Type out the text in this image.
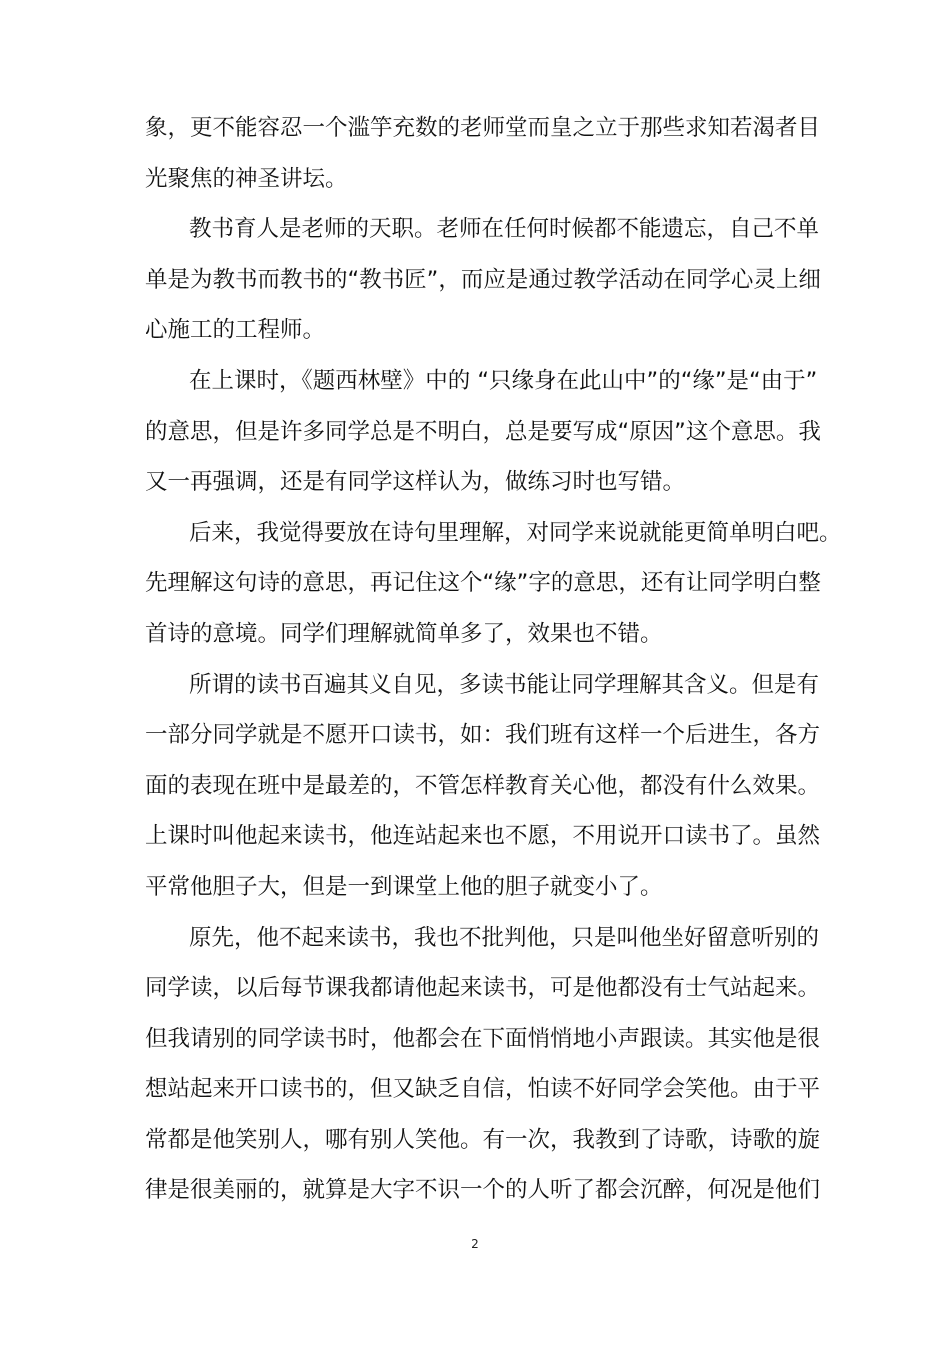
象，更不能容忍一个滥竽充数的老师堂而皇之立于那些求知若渴者目
光聚焦的神圣讲坛。
教书育人是老师的天职。老师在任何时候都不能遗忘，自己不单
单是为教书而教书的“教书匠”，而应是通过教学活动在同学心灵上细
心施工的工程师。
在上课时，《题西林壁》中的 “只缘身在此山中”的“缘”是“由于”
的意思，但是许多同学总是不明白，总是要写成“原因”这个意思。我
又一再强调，还是有同学这样认为，做练习时也写错。
后来，我觉得要放在诗句里理解，对同学来说就能更简单明白吧。
先理解这句诗的意思，再记住这个“缘”字的意思，还有让同学明白整
首诗的意境。同学们理解就简单多了，效果也不错。
所谓的读书百遍其义自见，多读书能让同学理解其含义。但是有
一部分同学就是不愿开口读书，如：我们班有这样一个后进生，各方
面的表现在班中是最差的，不管怎样教育关心他，都没有什么效果。
上课时叫他起来读书，他连站起来也不愿，不用说开口读书了。虽然
平常他胆子大，但是一到课堂上他的胆子就变小了。
原先，他不起来读书，我也不批判他，只是叫他坐好留意听别的
同学读，以后每节课我都请他起来读书，可是他都没有士气站起来。
但我请别的同学读书时，他都会在下面悄悄地小声跟读。其实他是很
想站起来开口读书的，但又缺乏自信，怕读不好同学会笑他。由于平
常都是他笑别人，哪有别人笑他。有一次，我教到了诗歌，诗歌的旋
律是很美丽的，就算是大字不识一个的人听了都会沉醉，何况是他们
2
